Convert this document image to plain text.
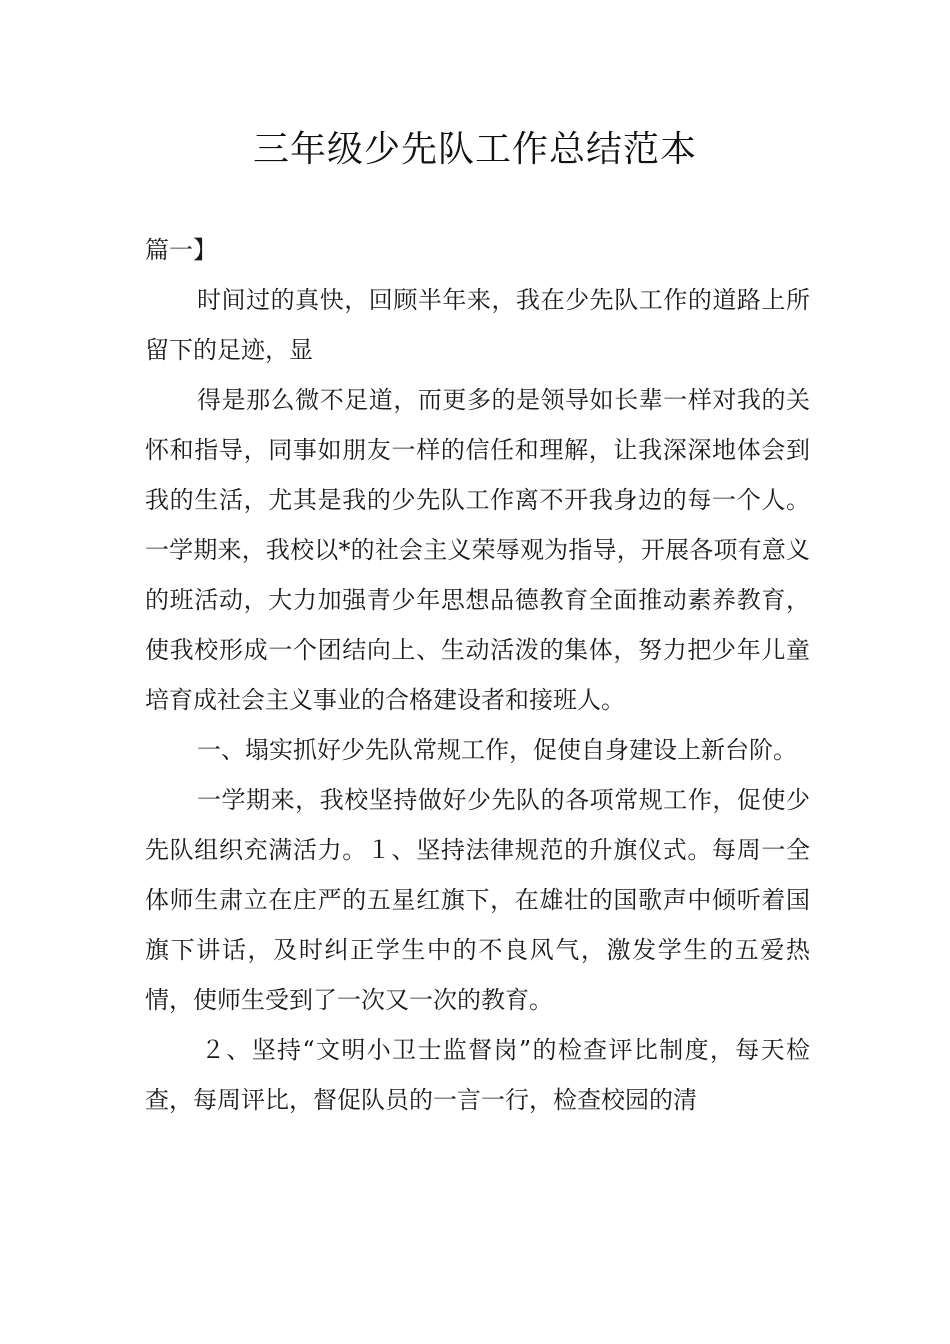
三年级少先队工作总结范本

篇一】

时间过的真快，回顾半年来，我在少先队工作的道路上所留下的足迹，显

得是那么微不足道，而更多的是领导如长辈一样对我的关怀和指导，同事如朋友一样的信任和理解，让我深深地体会到我的生活，尤其是我的少先队工作离不开我身边的每一个人。一学期来，我校以*的社会主义荣辱观为指导，开展各项有意义的班活动，大力加强青少年思想品德教育全面推动素养教育，使我校形成一个团结向上、生动活泼的集体，努力把少年儿童培育成社会主义事业的合格建设者和接班人。

一、塌实抓好少先队常规工作，促使自身建设上新台阶。

一学期来，我校坚持做好少先队的各项常规工作，促使少先队组织充满活力。１、坚持法律规范的升旗仪式。每周一全体师生肃立在庄严的五星红旗下，在雄壮的国歌声中倾听着国旗下讲话，及时纠正学生中的不良风气，激发学生的五爱热情，使师生受到了一次又一次的教育。

２、坚持“文明小卫士监督岗”的检查评比制度，每天检查，每周评比，督促队员的一言一行，检查校园的清
